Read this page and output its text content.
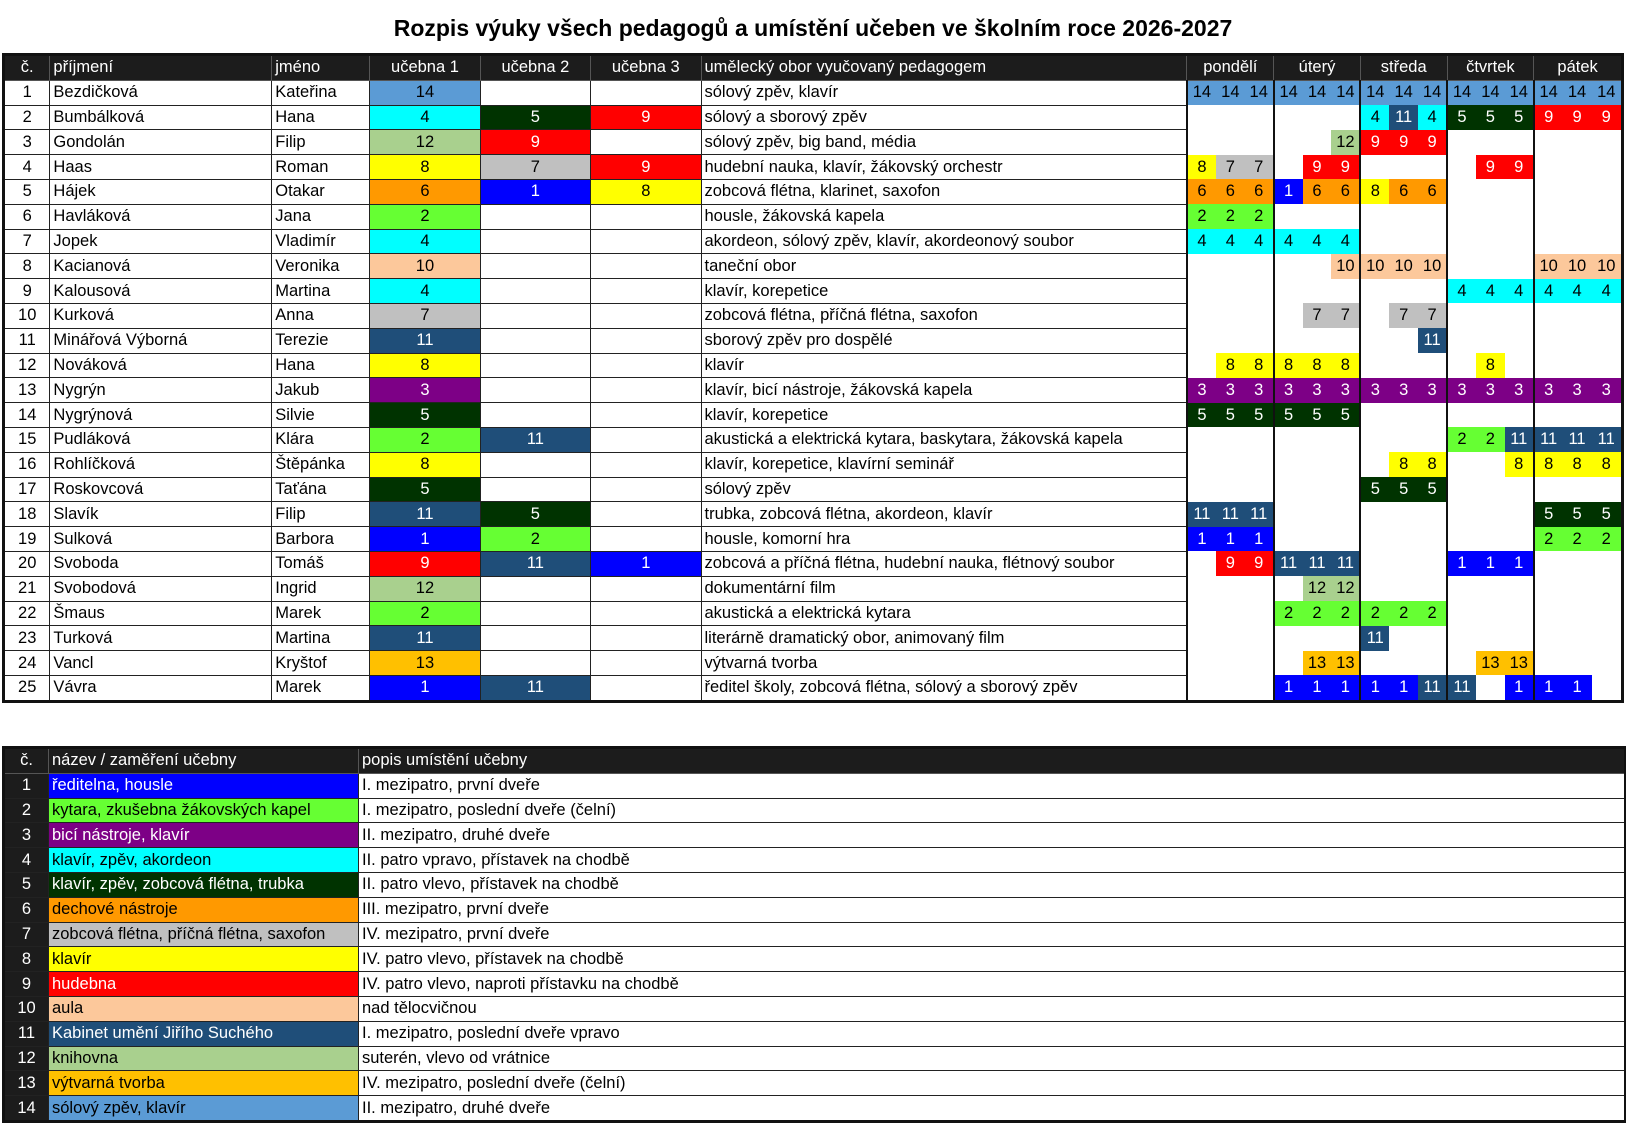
Rozpis výuky všech pedagogů a umístění učeben ve školním roce 2026-2027
č.	příjmení	jméno	učebna 1	učebna 2	učebna 3	umělecký obor vyučovaný pedagogem	pondělí			úterý			středa			čtvrtek			pátek		
1	Bezdičková	Kateřina	14			sólový zpěv, klavír	14	14	14	14	14	14	14	14	14	14	14	14	14	14	14
2	Bumbálková	Hana	4	5	9	sólový a sborový zpěv							4	11	4	5	5	5	9	9	9
3	Gondolán	Filip	12	9		sólový zpěv, big band, média						12	9	9	9						
4	Haas	Roman	8	7	9	hudební nauka, klavír, žákovský orchestr	8	7	7		9	9					9	9			
5	Hájek	Otakar	6	1	8	zobcová flétna, klarinet, saxofon	6	6	6	1	6	6	8	6	6						
6	Havláková	Jana	2			housle, žákovská kapela	2	2	2												
7	Jopek	Vladimír	4			akordeon, sólový zpěv, klavír, akordeonový soubor	4	4	4	4	4	4									
8	Kacianová	Veronika	10			taneční obor						10	10	10	10				10	10	10
9	Kalousová	Martina	4			klavír, korepetice										4	4	4	4	4	4
10	Kurková	Anna	7			zobcová flétna, příčná flétna, saxofon					7	7		7	7						
11	Minářová Výborná	Terezie	11			sborový zpěv pro dospělé									11						
12	Nováková	Hana	8			klavír		8	8	8	8	8					8				
13	Nygrýn	Jakub	3			klavír, bicí nástroje, žákovská kapela	3	3	3	3	3	3	3	3	3	3	3	3	3	3	3
14	Nygrýnová	Silvie	5			klavír, korepetice	5	5	5	5	5	5									
15	Pudláková	Klára	2	11		akustická a elektrická kytara, baskytara, žákovská kapela										2	2	11	11	11	11
16	Rohlíčková	Štěpánka	8			klavír, korepetice, klavírní seminář								8	8			8	8	8	8
17	Roskovcová	Taťána	5			sólový zpěv							5	5	5						
18	Slavík	Filip	11	5		trubka, zobcová flétna, akordeon, klavír	11	11	11										5	5	5
19	Sulková	Barbora	1	2		housle, komorní hra	1	1	1										2	2	2
20	Svoboda	Tomáš	9	11	1	zobcová a příčná flétna, hudební nauka, flétnový soubor		9	9	11	11	11				1	1	1			
21	Svobodová	Ingrid	12			dokumentární film					12	12									
22	Šmaus	Marek	2			akustická a elektrická kytara				2	2	2	2	2	2						
23	Turková	Martina	11			literárně dramatický obor, animovaný film							11								
24	Vancl	Kryštof	13			výtvarná tvorba					13	13					13	13			
25	Vávra	Marek	1	11		ředitel školy, zobcová flétna, sólový a sborový zpěv				1	1	1	1	1	11	11		1	1	1	
č.	název / zaměření učebny	popis umístění učebny
1	ředitelna, housle	I. mezipatro, první dveře
2	kytara, zkušebna žákovských kapel	I. mezipatro, poslední dveře (čelní)
3	bicí nástroje, klavír	II. mezipatro, druhé dveře
4	klavír, zpěv, akordeon	II. patro vpravo, přístavek na chodbě
5	klavír, zpěv, zobcová flétna, trubka	II. patro vlevo, přístavek na chodbě
6	dechové nástroje	III. mezipatro, první dveře
7	zobcová flétna, příčná flétna, saxofon	IV. mezipatro, první dveře
8	klavír	IV. patro vlevo, přístavek na chodbě
9	hudebna	IV. patro vlevo, naproti přístavku na chodbě
10	aula	nad tělocvičnou
11	Kabinet umění Jiřího Suchého	I. mezipatro, poslední dveře vpravo
12	knihovna	suterén, vlevo od vrátnice
13	výtvarná tvorba	IV. mezipatro, poslední dveře (čelní)
14	sólový zpěv, klavír	II. mezipatro, druhé dveře
